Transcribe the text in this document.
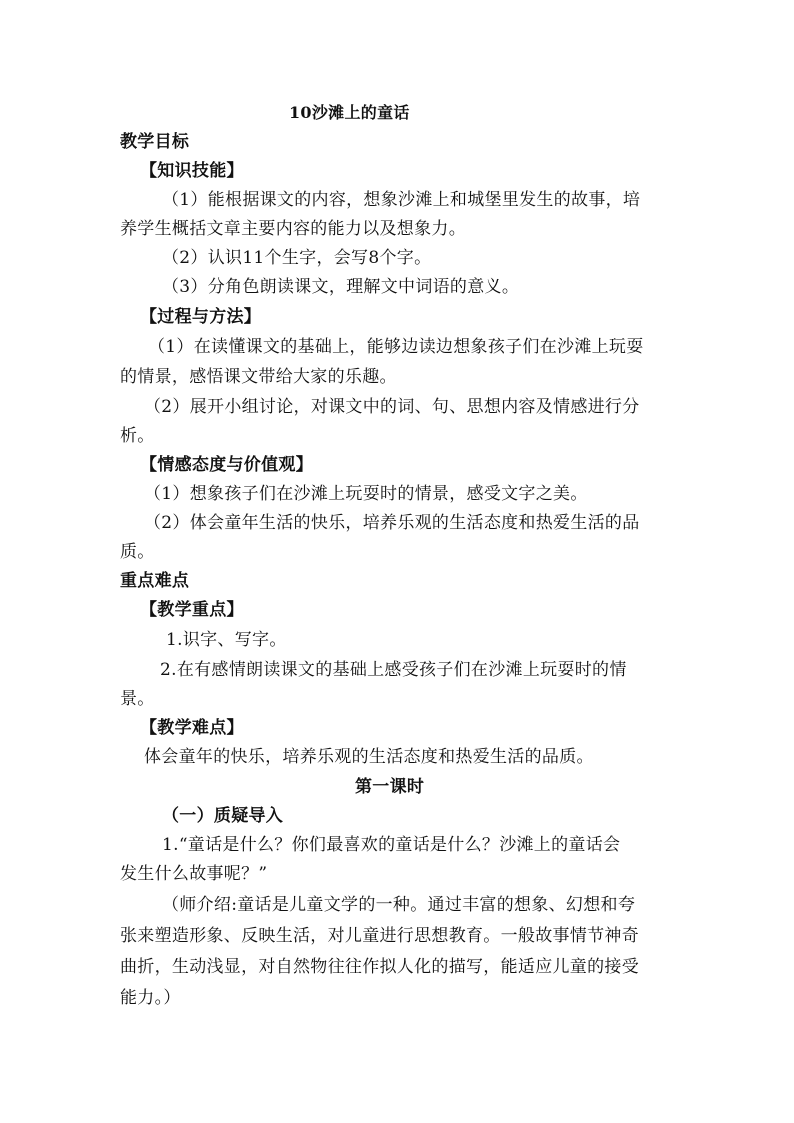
10沙滩上的童话
教学目标
【知识技能】
（1）能根据课文的内容，想象沙滩上和城堡里发生的故事，培
养学生概括文章主要内容的能力以及想象力。
（2）认识11个生字，会写8个字。
（3）分角色朗读课文，理解文中词语的意义。
【过程与方法】
（1）在读懂课文的基础上，能够边读边想象孩子们在沙滩上玩耍
的情景，感悟课文带给大家的乐趣。
（2）展开小组讨论，对课文中的词、句、思想内容及情感进行分
析。
【情感态度与价值观】
（1）想象孩子们在沙滩上玩耍时的情景，感受文字之美。
（2）体会童年生活的快乐，培养乐观的生活态度和热爱生活的品
质。
重点难点
【教学重点】
1.识字、写字。
2.在有感情朗读课文的基础上感受孩子们在沙滩上玩耍时的情
景。
【教学难点】
体会童年的快乐，培养乐观的生活态度和热爱生活的品质。
第一课时
（一）质疑导入
1.“童话是什么？你们最喜欢的童话是什么？沙滩上的童话会
发生什么故事呢？”
（师介绍:童话是儿童文学的一种。通过丰富的想象、幻想和夸
张来塑造形象、反映生活，对儿童进行思想教育。一般故事情节神奇
曲折，生动浅显，对自然物往往作拟人化的描写，能适应儿童的接受
能力。）
